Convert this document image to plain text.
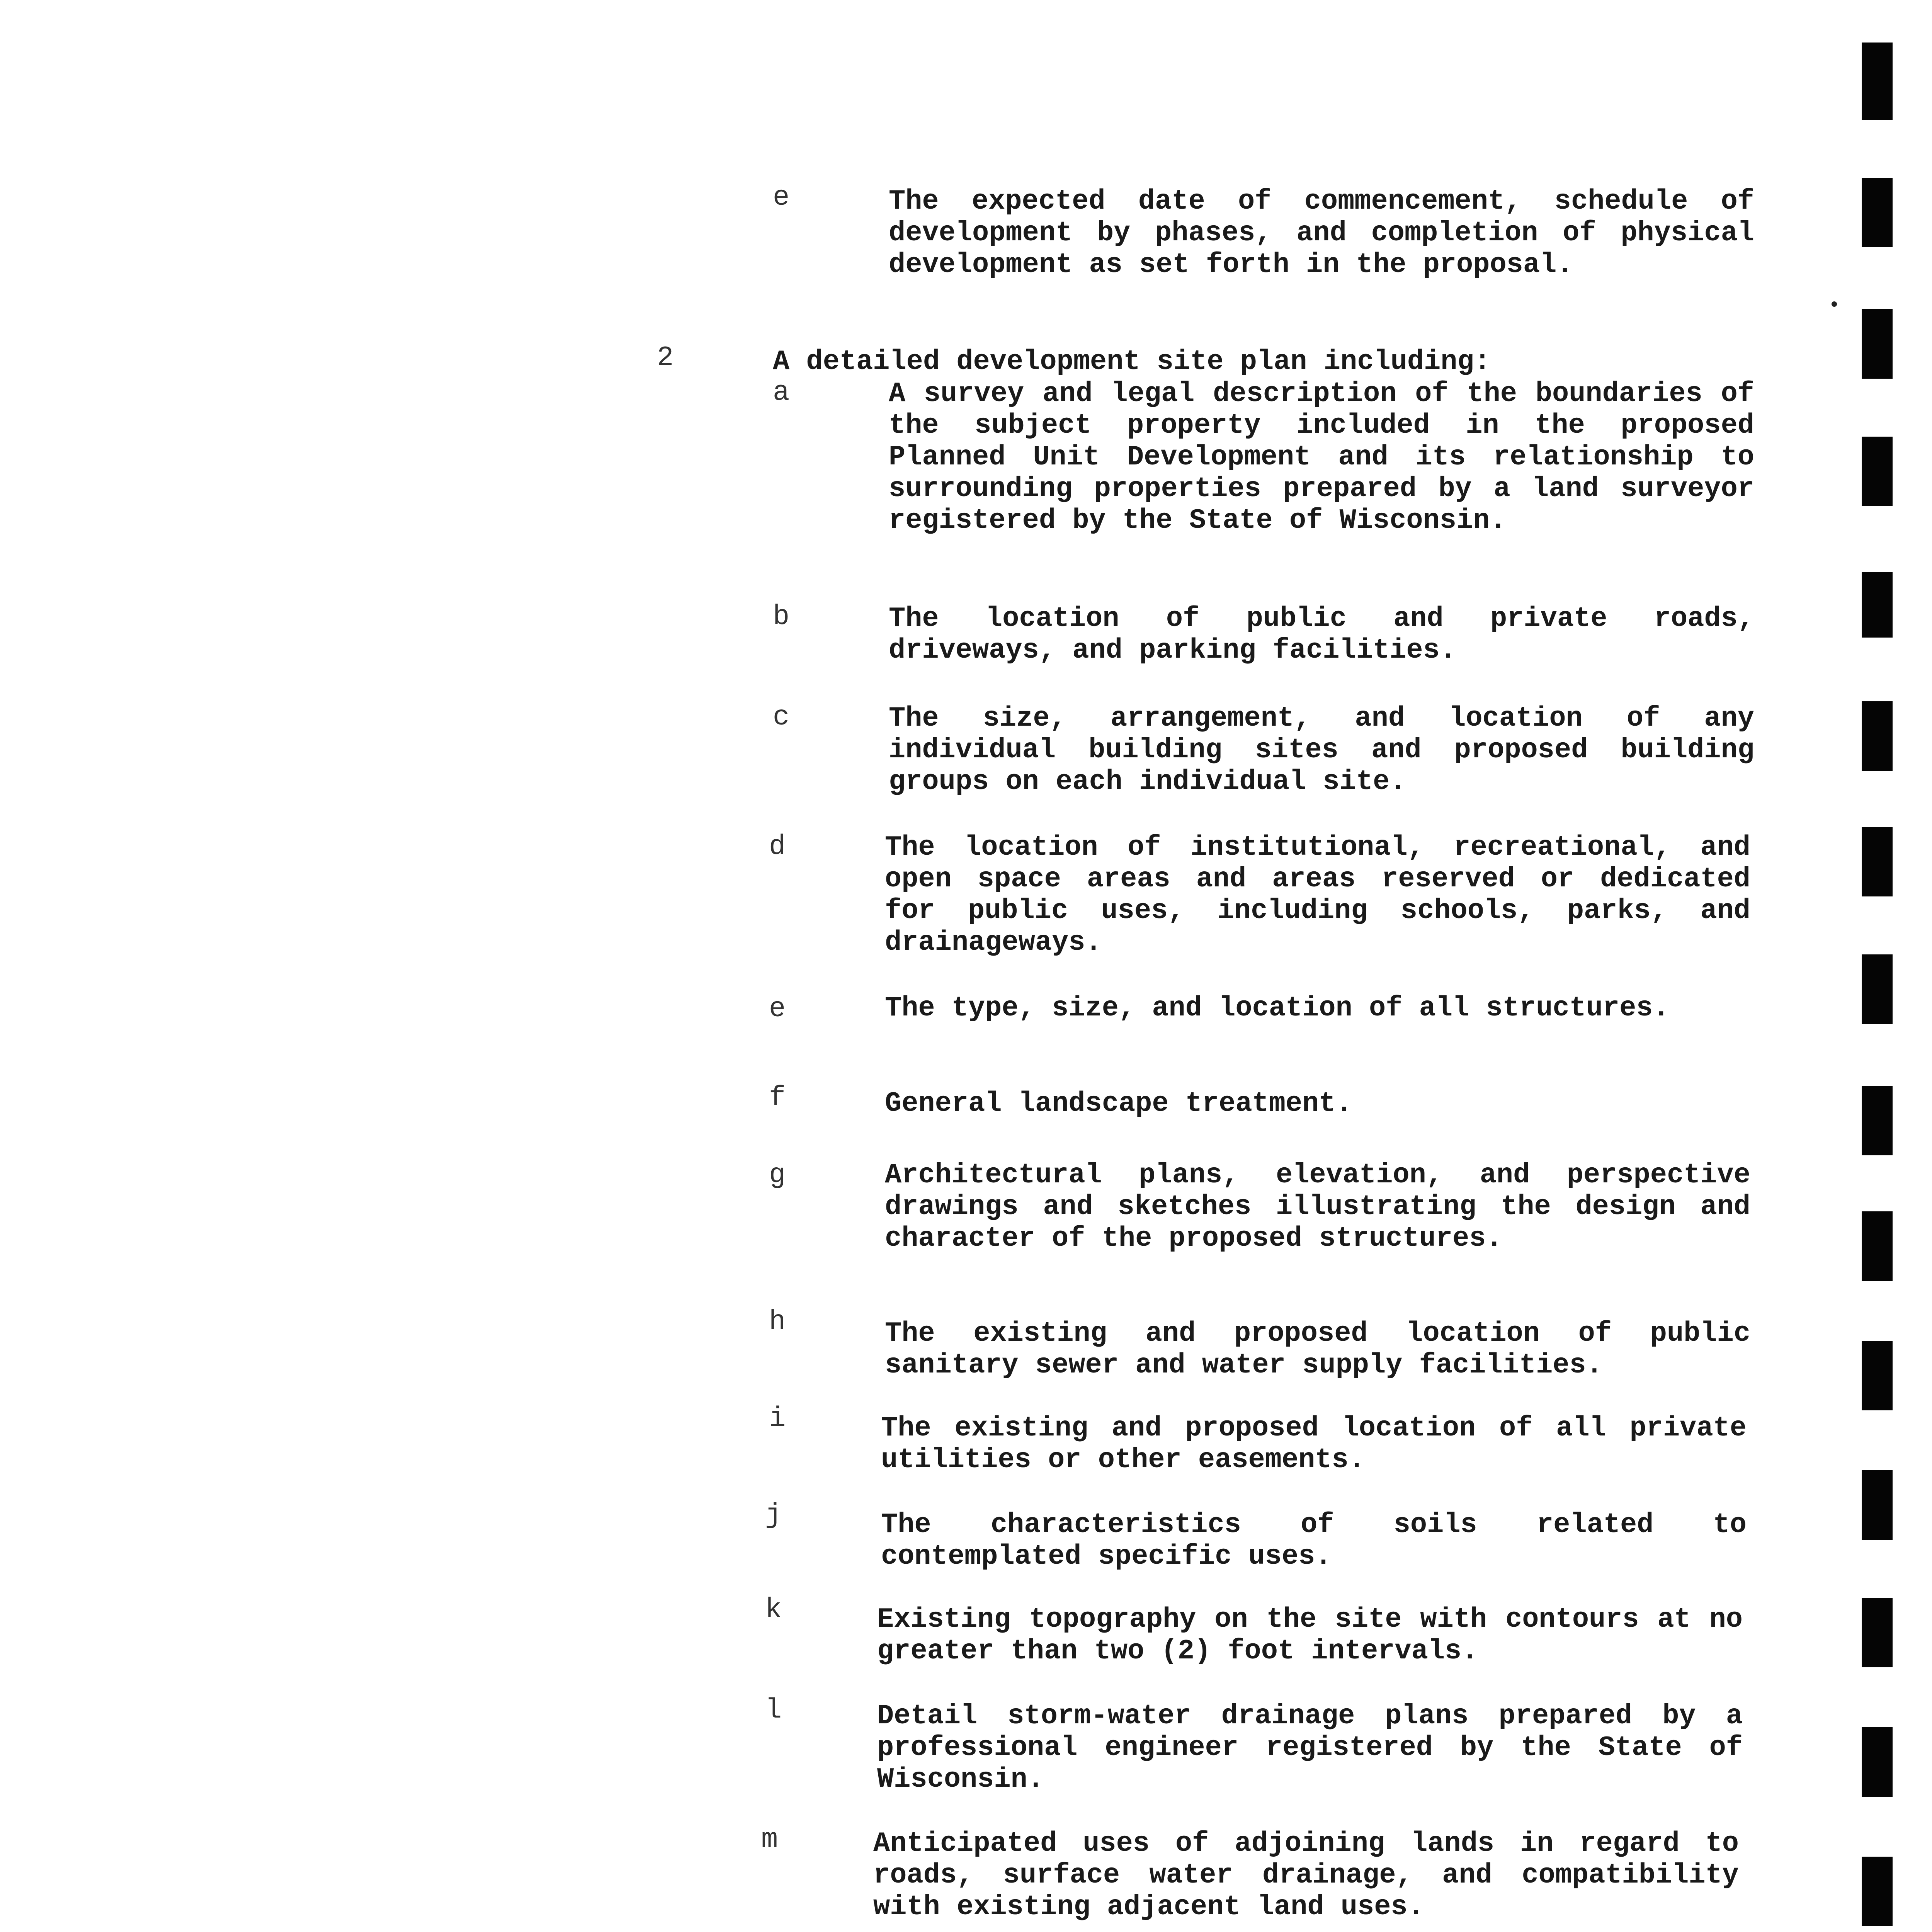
e	The expected date of commencement, schedule of development by phases, and completion of physical development as set forth in the proposal.
2	A detailed development site plan including:
a	A survey and legal description of the boundaries of the subject property included in the proposed Planned Unit Development and its relationship to surrounding properties prepared by a land surveyor registered by the State of Wisconsin.
b	The location of public and private roads, driveways, and parking facilities.
c	The size, arrangement, and location of any individual building sites and proposed building groups on each individual site.
d	The location of institutional, recreational, and open space areas and areas reserved or dedicated for public uses, including schools, parks, and drainageways.
e	The type, size, and location of all structures.
f	General landscape treatment.
g	Architectural plans, elevation, and perspective drawings and sketches illustrating the design and character of the proposed structures.
h	The existing and proposed location of public sanitary sewer and water supply facilities.
i	The existing and proposed location of all private utilities or other easements.
j	The characteristics of soils related to contemplated specific uses.
k	Existing topography on the site with contours at no greater than two (2) foot intervals.
l	Detail storm-water drainage plans prepared by a professional engineer registered by the State of Wisconsin.
m	Anticipated uses of adjoining lands in regard to roads, surface water drainage, and compatibility with existing adjacent land uses.
